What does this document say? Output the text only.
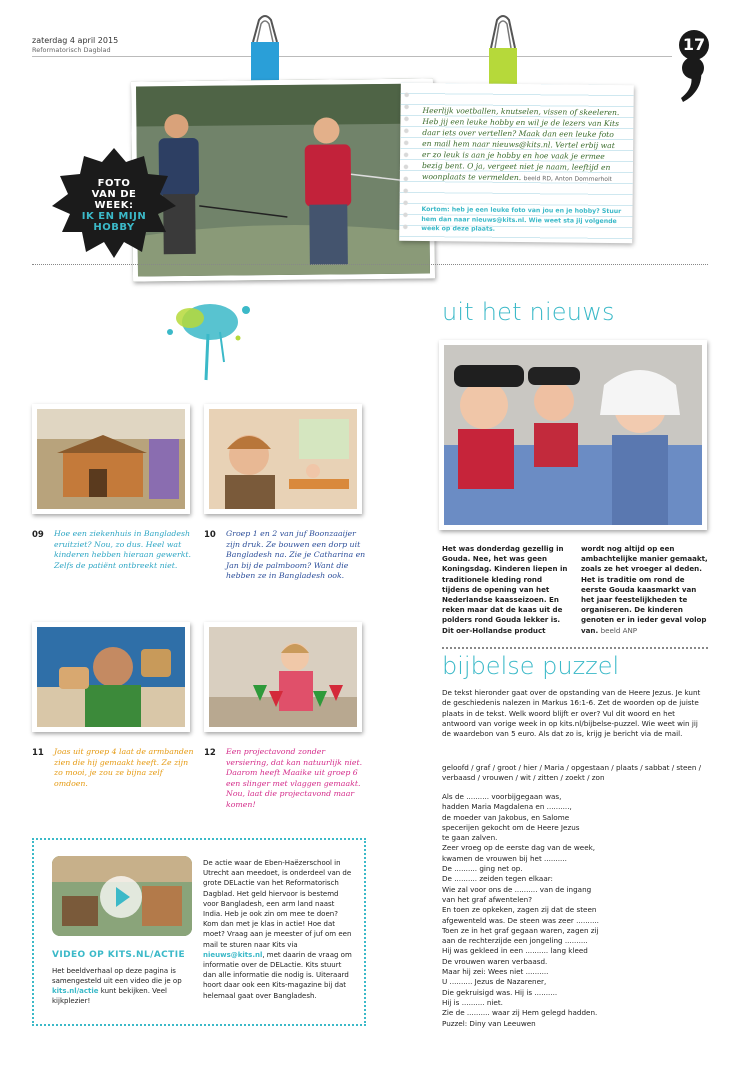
zaterdag 4 april 2015
Reformatorisch Dagblad	17
FOTO
VAN DE WEEK:
IK EN MIJN
HOBBY
Heerlijk voetballen, knutselen, vissen of skeeleren. Heb jij een leuke hobby en wil je de lezers van Kits daar iets over vertellen? Maak dan een leuke foto en mail hem naar nieuws@kits.nl. Vertel erbij wat er zo leuk is aan je hobby en hoe vaak je ermee bezig bent. O ja, vergeet niet je naam, leeftijd en woonplaats te vermelden. beeld RD, Anton Dommerholt
Kortom: heb je een leuke foto van jou en je hobby? Stuur hem dan naar nieuws@kits.nl. Wie weet sta jij volgende week op deze plaats.
uit het nieuws
Het was donderdag gezellig in Gouda. Nee, het was geen Koningsdag. Kinderen liepen in traditionele kleding rond tijdens de opening van het Nederlandse kaasseizoen. En reken maar dat de kaas uit de polders rond Gouda lekker is. Dit oer-Hollandse product wordt nog altijd op een ambachtelijke manier gemaakt, zoals ze het vroeger al deden. Het is traditie om rond de eerste Gouda kaasmarkt van het jaar feestelijkheden te organiseren. De kinderen genoten er in ieder geval volop van. beeld ANP
09 Hoe een ziekenhuis in Bangladesh eruitziet? Nou, zo dus. Heel wat kinderen hebben hieraan gewerkt. Zelfs de patiënt ontbreekt niet.
10 Groep 1 en 2 van juf Boonzaaijer zijn druk. Ze bouwen een dorp uit Bangladesh na. Zie je Catharina en Jan bij de palmboom? Want die hebben ze in Bangladesh ook.
11 Joas uit groep 4 laat de armbanden zien die hij gemaakt heeft. Ze zijn zo mooi, je zou ze bijna zelf omdoen.
12 Een projectavond zonder versiering, dat kan natuurlijk niet. Daarom heeft Maaike uit groep 6 een slinger met vlaggen gemaakt. Nou, laat die projectavond maar komen!
bijbelse puzzel
De tekst hieronder gaat over de opstanding van de Heere Jezus. Je kunt de geschiedenis nalezen in Markus 16:1-6. Zet de woorden op de juiste plaats in de tekst. Welk woord blijft er over? Vul dit woord en het antwoord van vorige week in op kits.nl/bijbelse-puzzel. Wie weet win jij de waardebon van 5 euro. Als dat zo is, krijg je bericht via de mail.
geloofd / graf / groot / hier / Maria / opgestaan / plaats / sabbat / steen / verbaasd / vrouwen / wit / zitten / zoekt / zon
Als de .......... voorbijgegaan was,
hadden Maria Magdalena en ..........,
de moeder van Jakobus, en Salome
specerijen gekocht om de Heere Jezus
te gaan zalven.
Zeer vroeg op de eerste dag van de week,
kwamen de vrouwen bij het ..........
De .......... ging net op.
De .......... zeiden tegen elkaar:
Wie zal voor ons de .......... van de ingang
van het graf afwentelen?
En toen ze opkeken, zagen zij dat de steen
afgewenteld was. De steen was zeer ..........
Toen ze in het graf gegaan waren, zagen zij
aan de rechterzijde een jongeling ..........
Hij was gekleed in een .......... lang kleed
De vrouwen waren verbaasd.
Maar hij zei: Wees niet ..........
U .......... Jezus de Nazarener,
Die gekruisigd was. Hij is ..........
Hij is .......... niet.
Zie de .......... waar zij Hem gelegd hadden.
Puzzel: Diny van Leeuwen
VIDEO OP KITS.NL/ACTIE
Het beeldverhaal op deze pagina is samengesteld uit een video die je op kits.nl/actie kunt bekijken. Veel kijkplezier!
De actie waar de Eben-Haëzerschool in Utrecht aan meedoet, is onderdeel van de grote DELactie van het Reformatorisch Dagblad. Het geld hiervoor is bestemd voor Bangladesh, een arm land naast India. Heb je ook zin om mee te doen? Kom dan met je klas in actie! Hoe dat moet? Vraag aan je meester of juf om een mail te sturen naar Kits via nieuws@kits.nl, met daarin de vraag om informatie over de DELactie. Kits stuurt dan alle informatie die nodig is. Uiteraard hoort daar ook een Kits-magazine bij dat helemaal gaat over Bangladesh.
